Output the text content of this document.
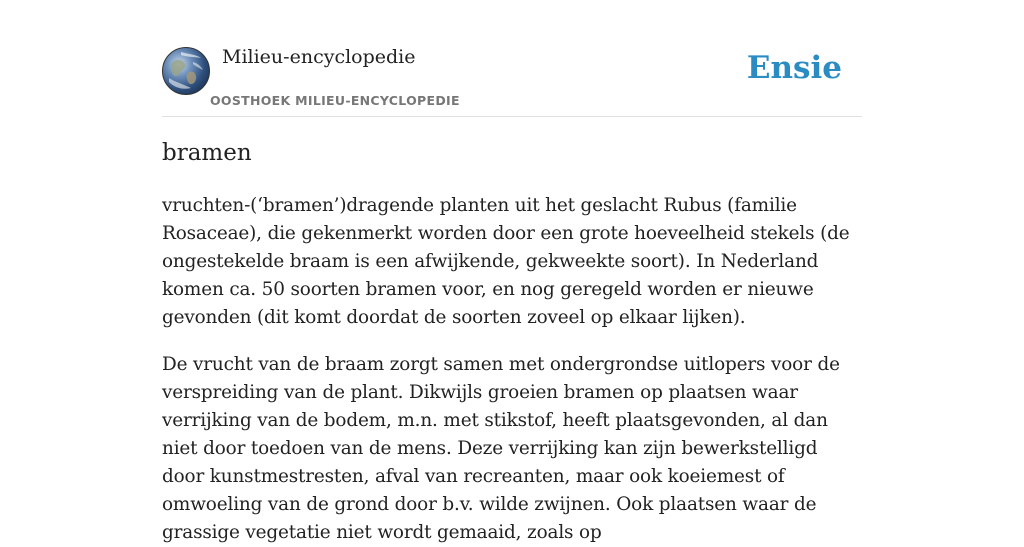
Milieu-encyclopedie
OOSTHOEK MILIEU-ENCYCLOPEDIE
Ensie
bramen

vruchten-(‘bramen’)dragende planten uit het geslacht Rubus (familie Rosaceae), die gekenmerkt worden door een grote hoeveelheid stekels (de ongestekelde braam is een afwijkende, gekweekte soort). In Nederland komen ca. 50 soorten bramen voor, en nog geregeld worden er nieuwe gevonden (dit komt doordat de soorten zoveel op elkaar lijken).

De vrucht van de braam zorgt samen met ondergrondse uitlopers voor de verspreiding van de plant. Dikwijls groeien bramen op plaatsen waar verrijking van de bodem, m.n. met stikstof, heeft plaatsgevonden, al dan niet door toedoen van de mens. Deze verrijking kan zijn bewerkstelligd door kunstmestresten, afval van recreanten, maar ook koeiemest of omwoeling van de grond door b.v. wilde zwijnen. Ook plaatsen waar de grassige vegetatie niet wordt gemaaid, zoals op
